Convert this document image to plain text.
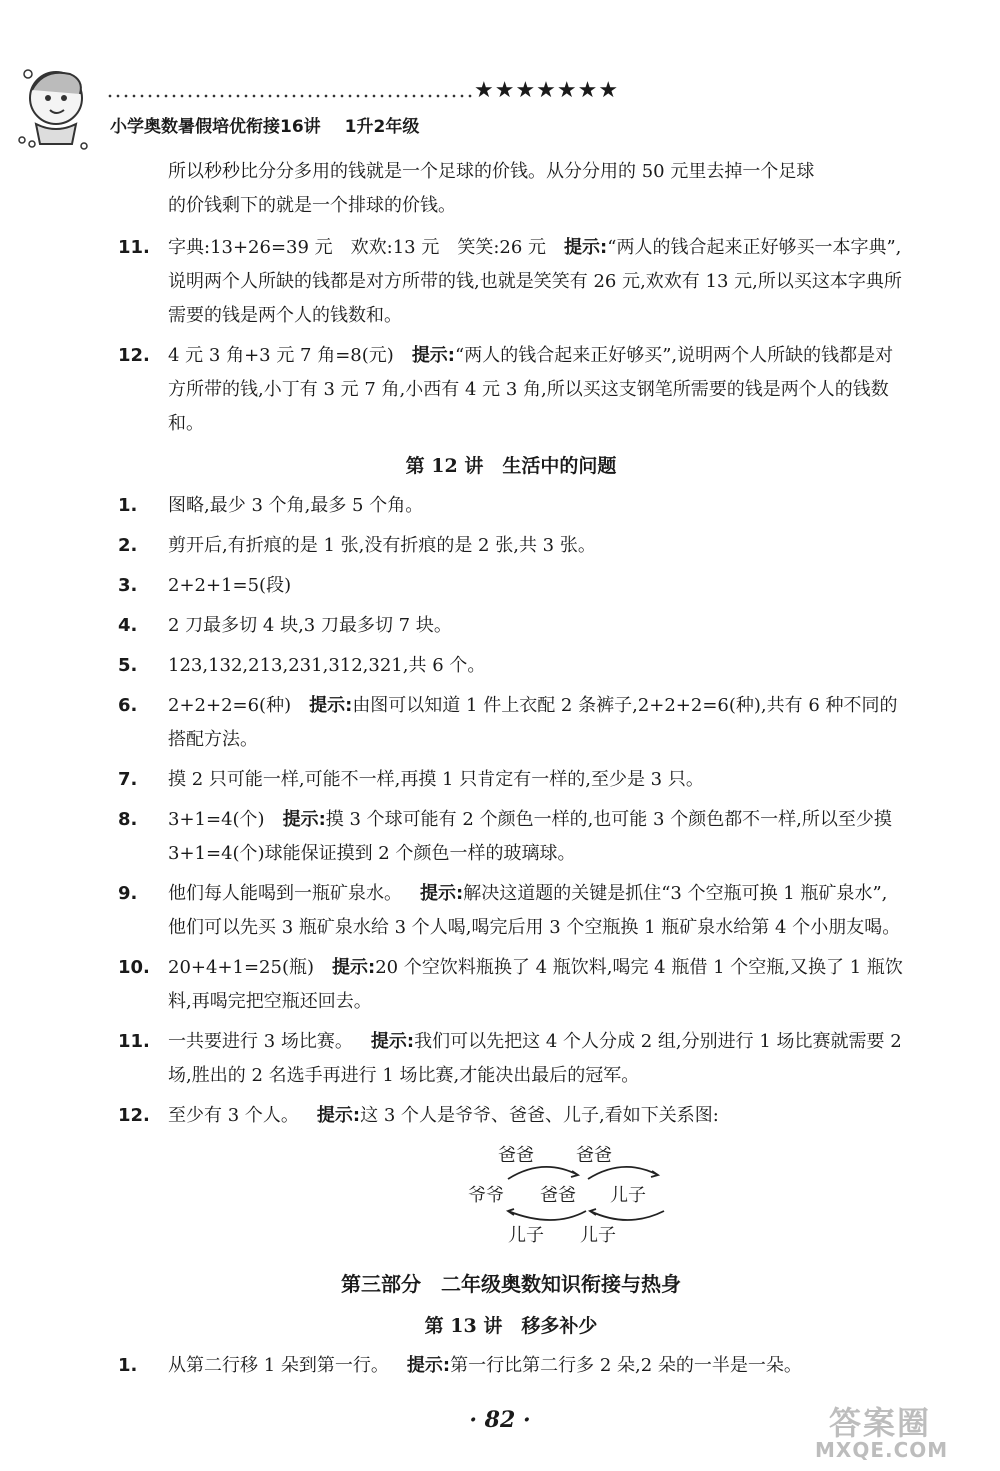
★★★★★★★
小学奥数暑假培优衔接16讲 1升2年级

所以秒秒比分分多用的钱就是一个足球的价钱。从分分用的 50 元里去掉一个足球

的价钱剩下的就是一个排球的价钱。

11. 字典:13+26=39 元　欢欢:13 元　笑笑:26 元 提示:“两人的钱合起来正好够买一本字典”,说明两个人所缺的钱都是对方所带的钱,也就是笑笑有 26 元,欢欢有 13 元,所以买这本字典所需要的钱是两个人的钱数和。
12. 4 元 3 角+3 元 7 角=8(元) 提示:“两人的钱合起来正好够买”,说明两个人所缺的钱都是对方所带的钱,小丁有 3 元 7 角,小西有 4 元 3 角,所以买这支钢笔所需要的钱是两个人的钱数和。
第 12 讲　生活中的问题
1. 图略,最少 3 个角,最多 5 个角。
2. 剪开后,有折痕的是 1 张,没有折痕的是 2 张,共 3 张。
3. 2+2+1=5(段)
4. 2 刀最多切 4 块,3 刀最多切 7 块。
5. 123,132,213,231,312,321,共 6 个。
6. 2+2+2=6(种) 提示:由图可以知道 1 件上衣配 2 条裤子,2+2+2=6(种),共有 6 种不同的搭配方法。
7. 摸 2 只可能一样,可能不一样,再摸 1 只肯定有一样的,至少是 3 只。
8. 3+1=4(个) 提示:摸 3 个球可能有 2 个颜色一样的,也可能 3 个颜色都不一样,所以至少摸3+1=4(个)球能保证摸到 2 个颜色一样的玻璃球。
9. 他们每人能喝到一瓶矿泉水。 提示:解决这道题的关键是抓住“3 个空瓶可换 1 瓶矿泉水”,他们可以先买 3 瓶矿泉水给 3 个人喝,喝完后用 3 个空瓶换 1 瓶矿泉水给第 4 个小朋友喝。
10. 20+4+1=25(瓶) 提示:20 个空饮料瓶换了 4 瓶饮料,喝完 4 瓶借 1 个空瓶,又换了 1 瓶饮料,再喝完把空瓶还回去。
11. 一共要进行 3 场比赛。 提示:我们可以先把这 4 个人分成 2 组,分别进行 1 场比赛就需要 2 场,胜出的 2 名选手再进行 1 场比赛,才能决出最后的冠军。
12. 至少有 3 个人。 提示:这 3 个人是爷爷、爸爸、儿子,看如下关系图:
爸爸 爸爸
爷爷 爸爸 儿子
儿子 儿子
第三部分　二年级奥数知识衔接与热身
第 13 讲　移多补少
1. 从第二行移 1 朵到第一行。 提示:第一行比第二行多 2 朵,2 朵的一半是一朵。
· 82 ·	答案圈
MXQE.COM
